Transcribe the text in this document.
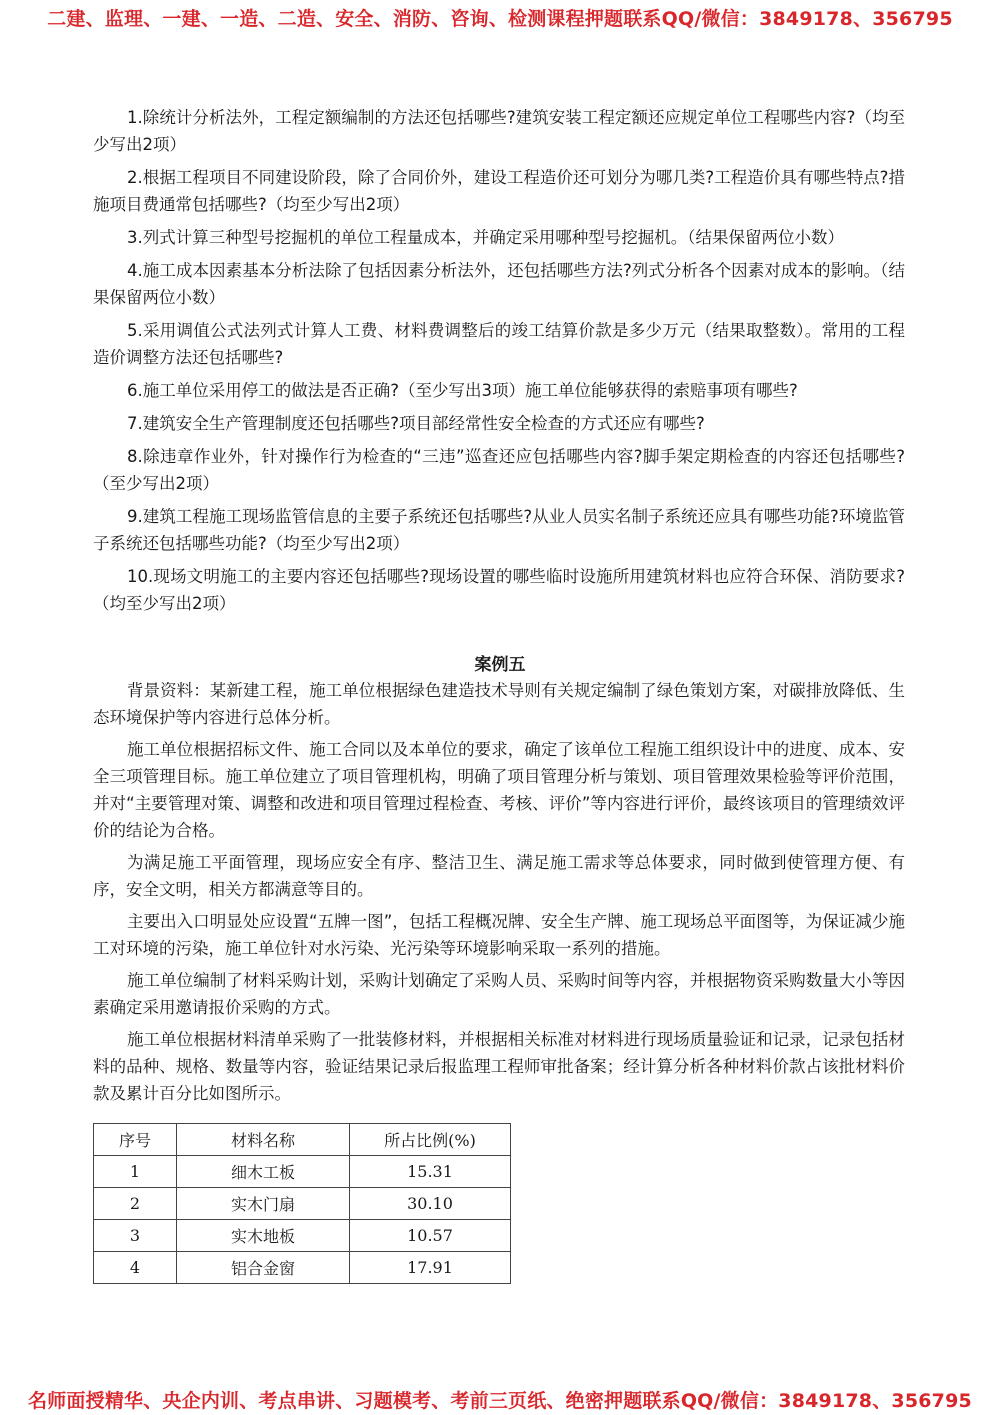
二建、监理、一建、一造、二造、安全、消防、咨询、检测课程押题联系QQ/微信：3849178、356795

1.除统计分析法外，工程定额编制的方法还包括哪些?建筑安装工程定额还应规定单位工程哪些内容?（均至少写出2项）

2.根据工程项目不同建设阶段，除了合同价外，建设工程造价还可划分为哪几类?工程造价具有哪些特点?措施项目费通常包括哪些?（均至少写出2项）

3.列式计算三种型号挖掘机的单位工程量成本，并确定采用哪种型号挖掘机。（结果保留两位小数）

4.施工成本因素基本分析法除了包括因素分析法外，还包括哪些方法?列式分析各个因素对成本的影响。（结果保留两位小数）

5.采用调值公式法列式计算人工费、材料费调整后的竣工结算价款是多少万元（结果取整数）。常用的工程造价调整方法还包括哪些?

6.施工单位采用停工的做法是否正确?（至少写出3项）施工单位能够获得的索赔事项有哪些?

7.建筑安全生产管理制度还包括哪些?项目部经常性安全检查的方式还应有哪些?

8.除违章作业外，针对操作行为检查的“三违”巡查还应包括哪些内容?脚手架定期检查的内容还包括哪些?（至少写出2项）

9.建筑工程施工现场监管信息的主要子系统还包括哪些?从业人员实名制子系统还应具有哪些功能?环境监管子系统还包括哪些功能?（均至少写出2项）

10.现场文明施工的主要内容还包括哪些?现场设置的哪些临时设施所用建筑材料也应符合环保、消防要求?（均至少写出2项）

案例五

背景资料：某新建工程，施工单位根据绿色建造技术导则有关规定编制了绿色策划方案，对碳排放降低、生态环境保护等内容进行总体分析。

施工单位根据招标文件、施工合同以及本单位的要求，确定了该单位工程施工组织设计中的进度、成本、安全三项管理目标。施工单位建立了项目管理机构，明确了项目管理分析与策划、项目管理效果检验等评价范围，并对“主要管理对策、调整和改进和项目管理过程检查、考核、评价”等内容进行评价，最终该项目的管理绩效评价的结论为合格。

为满足施工平面管理，现场应安全有序、整洁卫生、满足施工需求等总体要求，同时做到使管理方便、有序，安全文明，相关方都满意等目的。

主要出入口明显处应设置“五牌一图”，包括工程概况牌、安全生产牌、施工现场总平面图等，为保证减少施工对环境的污染，施工单位针对水污染、光污染等环境影响采取一系列的措施。

施工单位编制了材料采购计划，采购计划确定了采购人员、采购时间等内容，并根据物资采购数量大小等因素确定采用邀请报价采购的方式。

施工单位根据材料清单采购了一批装修材料，并根据相关标准对材料进行现场质量验证和记录，记录包括材料的品种、规格、数量等内容，验证结果记录后报监理工程师审批备案；经计算分析各种材料价款占该批材料价款及累计百分比如图所示。

序号	材料名称	所占比例(%)
1	细木工板	15.31
2	实木门扇	30.10
3	实木地板	10.57
4	铝合金窗	17.91
名师面授精华、央企内训、考点串讲、习题模考、考前三页纸、绝密押题联系QQ/微信：3849178、356795
